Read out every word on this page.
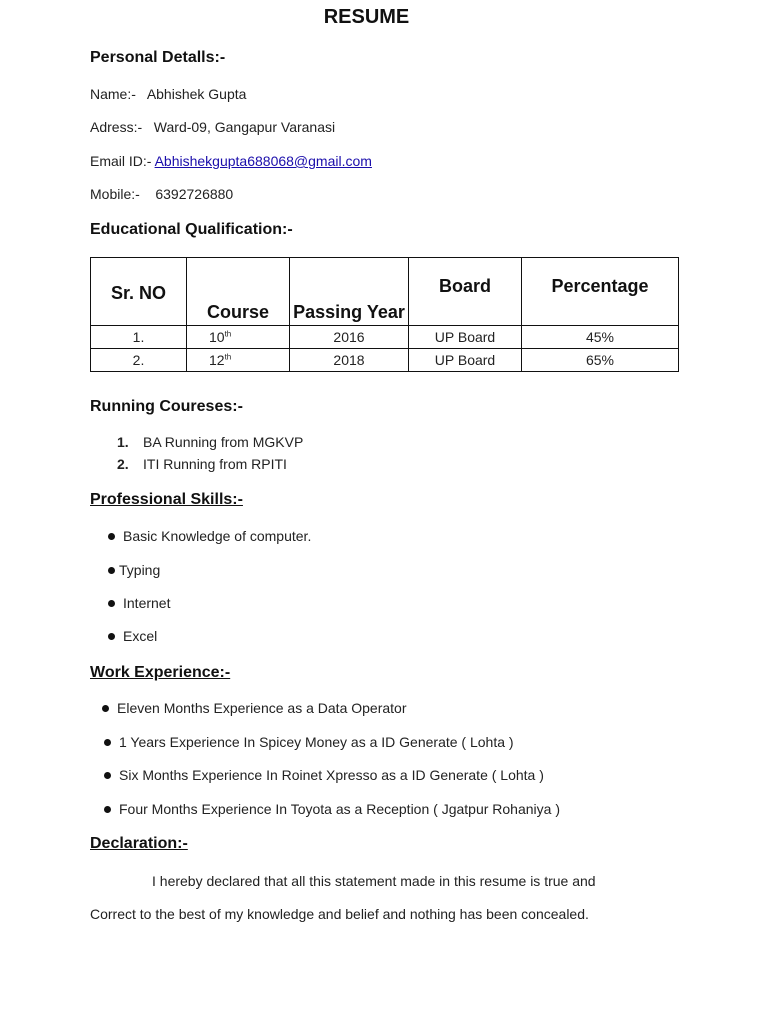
RESUME
Personal Detalls:-
Name:- Abhishek Gupta
Adress:- Ward-09, Gangapur Varanasi
Email ID:- Abhishekgupta688068@gmail.com
Mobile:- 6392726880
Educational Qualification:-
Sr. NO	Course	Passing Year	Board	Percentage
1.	10th	2016	UP Board	45%
2.	12th	2018	UP Board	65%
Running Coureses:-
1. BA Running from MGKVP
2. ITI Running from RPITI
Professional Skills:-
Basic Knowledge of computer.
Typing
Internet
Excel
Work Experience:-
Eleven Months Experience as a Data Operator
1 Years Experience In Spicey Money as a ID Generate ( Lohta )
Six Months Experience In Roinet Xpresso as a ID Generate ( Lohta )
Four Months Experience In Toyota as a Reception ( Jgatpur Rohaniya )
Declaration:-
I hereby declared that all this statement made in this resume is true and
Correct to the best of my knowledge and belief and nothing has been concealed.
